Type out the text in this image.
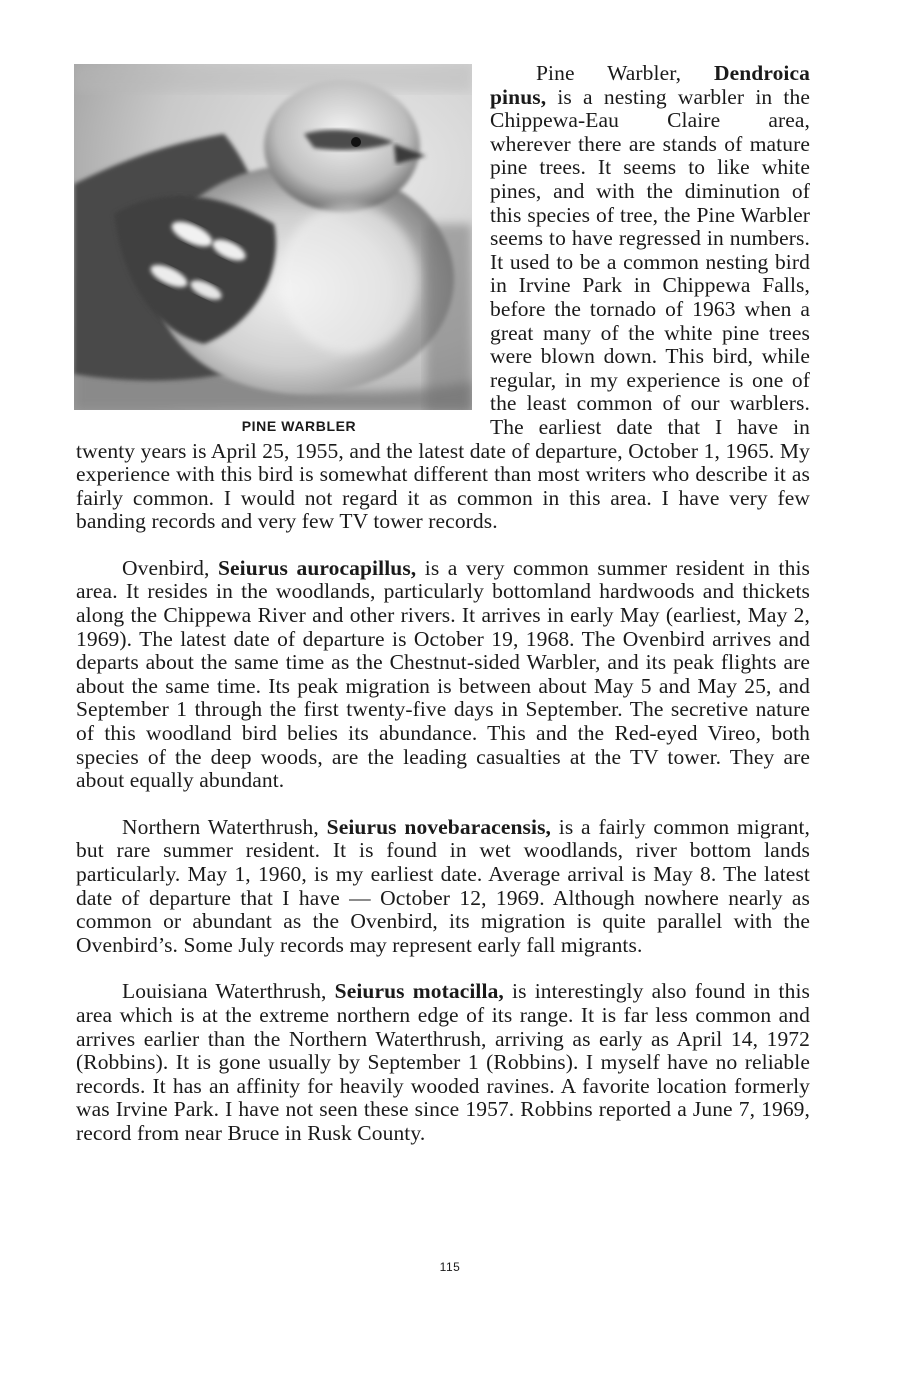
PINE WARBLER
Pine Warbler, Dendroica pinus, is a nesting warbler in the Chippewa-Eau Claire area, wherever there are stands of mature pine trees. It seems to like white pines, and with the diminution of this species of tree, the Pine Warbler seems to have regressed in numbers. It used to be a common nesting bird in Irvine Park in Chippewa Falls, before the tornado of 1963 when a great many of the white pine trees were blown down. This bird, while regular, in my experience is one of the least common of our warblers. The earliest date that I have in twenty years is April 25, 1955, and the latest date of departure, October 1, 1965. My experience with this bird is somewhat different than most writers who describe it as fairly common. I would not regard it as common in this area. I have very few banding records and very few TV tower records.

Ovenbird, Seiurus aurocapillus, is a very common summer resident in this area. It resides in the woodlands, particularly bottomland hardwoods and thickets along the Chippewa River and other rivers. It arrives in early May (earliest, May 2, 1969). The latest date of departure is October 19, 1968. The Ovenbird arrives and departs about the same time as the Chestnut-sided Warbler, and its peak flights are about the same time. Its peak migration is between about May 5 and May 25, and September 1 through the first twenty-five days in September. The secretive nature of this woodland bird belies its abundance. This and the Red-eyed Vireo, both species of the deep woods, are the leading casualties at the TV tower. They are about equally abundant.

Northern Waterthrush, Seiurus novebaracensis, is a fairly common migrant, but rare summer resident. It is found in wet woodlands, river bottom lands particularly. May 1, 1960, is my earliest date. Average arrival is May 8. The latest date of departure that I have — October 12, 1969. Although nowhere nearly as common or abundant as the Ovenbird, its migration is quite parallel with the Ovenbird’s. Some July records may represent early fall migrants.

Louisiana Waterthrush, Seiurus motacilla, is interestingly also found in this area which is at the extreme northern edge of its range. It is far less common and arrives earlier than the Northern Waterthrush, arriving as early as April 14, 1972 (Robbins). It is gone usually by September 1 (Robbins). I myself have no reliable records. It has an affinity for heavily wooded ravines. A favorite location formerly was Irvine Park. I have not seen these since 1957. Robbins reported a June 7, 1969, record from near Bruce in Rusk County.

115
